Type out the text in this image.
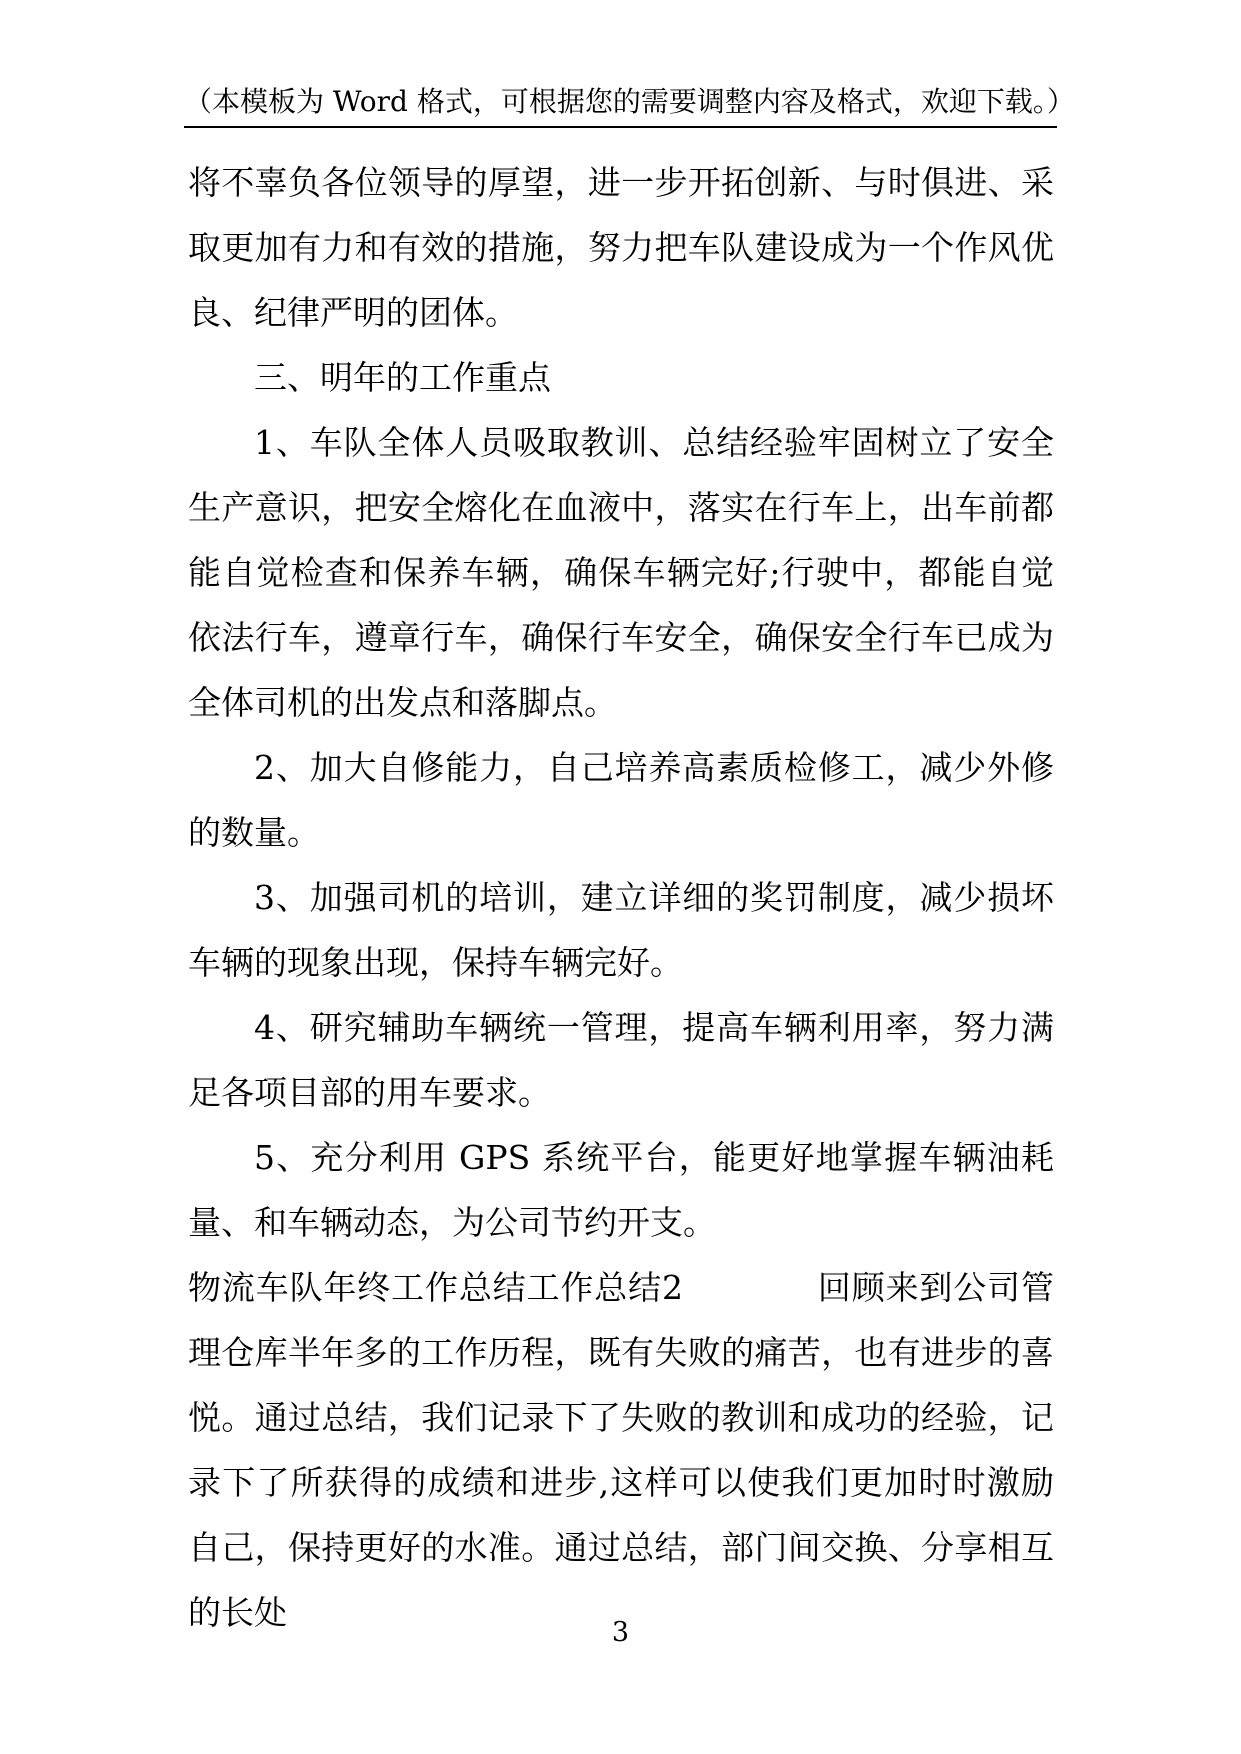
（本模板为 Word 格式，可根据您的需要调整内容及格式，欢迎下载。）

将不辜负各位领导的厚望，进一步开拓创新、与时俱进、采取更加有力和有效的措施，努力把车队建设成为一个作风优良、纪律严明的团体。

三、明年的工作重点

1、车队全体人员吸取教训、总结经验牢固树立了安全生产意识，把安全熔化在血液中，落实在行车上，出车前都能自觉检查和保养车辆，确保车辆完好;行驶中，都能自觉依法行车，遵章行车，确保行车安全，确保安全行车已成为全体司机的出发点和落脚点。

2、加大自修能力，自己培养高素质检修工，减少外修的数量。

3、加强司机的培训，建立详细的奖罚制度，减少损坏车辆的现象出现，保持车辆完好。

4、研究辅助车辆统一管理，提高车辆利用率，努力满足各项目部的用车要求。

5、充分利用 GPS 系统平台，能更好地掌握车辆油耗量、和车辆动态，为公司节约开支。

物流车队年终工作总结工作总结2	回顾来到公司管理仓库半年多的工作历程，既有失败的痛苦，也有进步的喜悦。通过总结，我们记录下了失败的教训和成功的经验，记录下了所获得的成绩和进步,这样可以使我们更加时时激励自己，保持更好的水准。通过总结，部门间交换、分享相互的长处

3
